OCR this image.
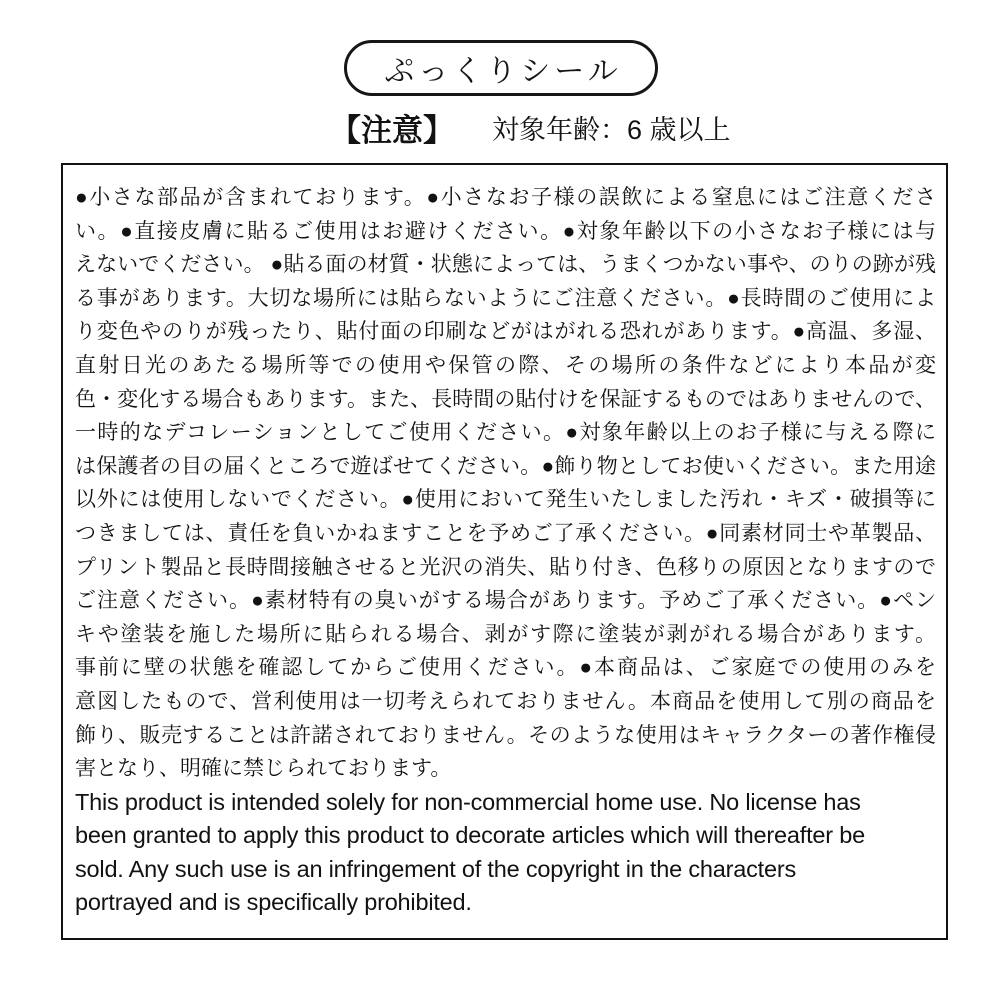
ぷっくりシール
【注意】 対象年齢：6 歳以上
●小さな部品が含まれております。●小さなお子様の誤飲による窒息にはご注意くださ
い。●直接皮膚に貼るご使用はお避けください。●対象年齢以下の小さなお子様には与
えないでください。 ●貼る面の材質・状態によっては、うまくつかない事や、のりの跡が残
る事があります。大切な場所には貼らないようにご注意ください。●長時間のご使用によ
り変色やのりが残ったり、貼付面の印刷などがはがれる恐れがあります。●高温、多湿、
直射日光のあたる場所等での使用や保管の際、その場所の条件などにより本品が変
色・変化する場合もあります。また、長時間の貼付けを保証するものではありませんので、
一時的なデコレーションとしてご使用ください。●対象年齢以上のお子様に与える際に
は保護者の目の届くところで遊ばせてください。●飾り物としてお使いください。また用途
以外には使用しないでください。●使用において発生いたしました汚れ・キズ・破損等に
つきましては、責任を負いかねますことを予めご了承ください。●同素材同士や革製品、
プリント製品と長時間接触させると光沢の消失、貼り付き、色移りの原因となりますので
ご注意ください。●素材特有の臭いがする場合があります。予めご了承ください。●ペン
キや塗装を施した場所に貼られる場合、剥がす際に塗装が剥がれる場合があります。
事前に壁の状態を確認してからご使用ください。●本商品は、ご家庭での使用のみを
意図したもので、営利使用は一切考えられておりません。本商品を使用して別の商品を
飾り、販売することは許諾されておりません。そのような使用はキャラクターの著作権侵
害となり、明確に禁じられております。
This product is intended solely for non-commercial home use. No license has
been granted to apply this product to decorate articles which will thereafter be
sold. Any such use is an infringement of the copyright in the characters
portrayed and is specifically prohibited.
